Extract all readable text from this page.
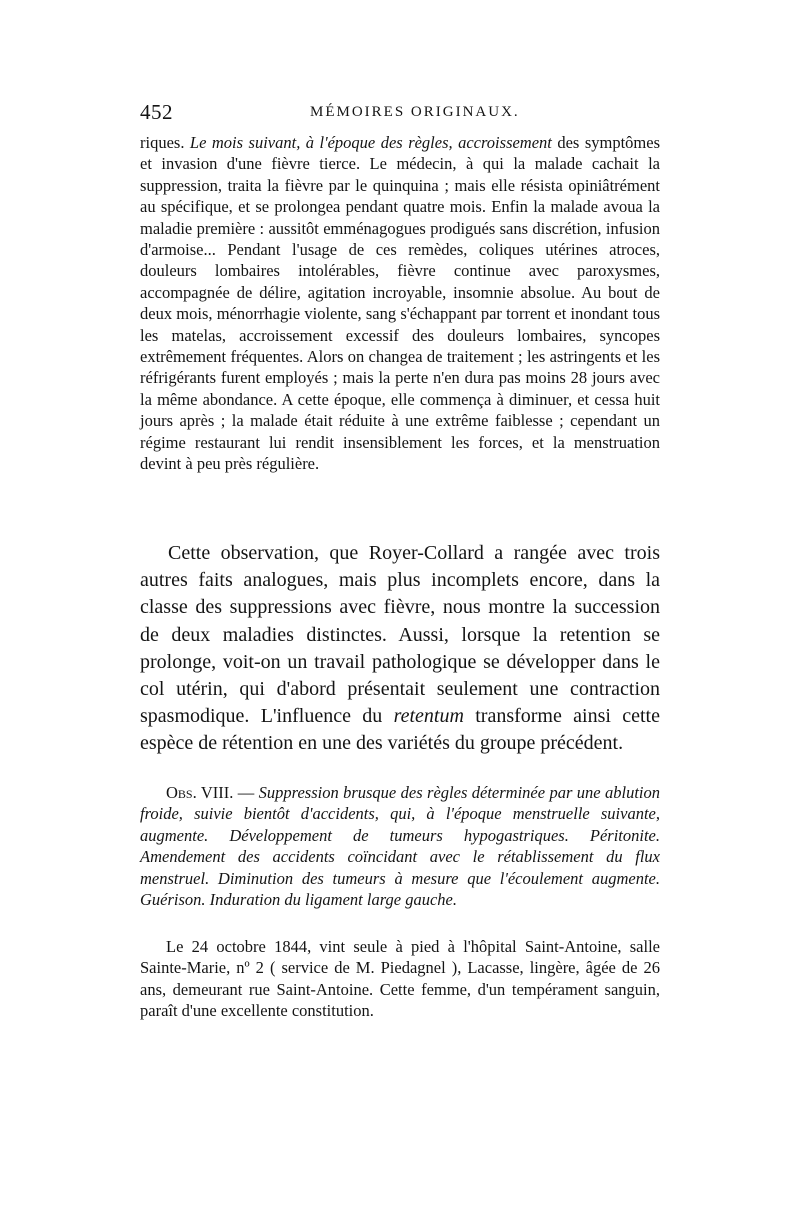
452	MÉMOIRES ORIGINAUX.

riques. Le mois suivant, à l'époque des règles, accroissement des symptômes et invasion d'une fièvre tierce. Le médecin, à qui la malade cachait la suppression, traita la fièvre par le quinquina ; mais elle résista opiniâtrément au spécifique, et se prolongea pendant quatre mois. Enfin la malade avoua la maladie première : aussitôt emménagogues prodigués sans discrétion, infusion d'armoise... Pendant l'usage de ces remèdes, coliques utérines atroces, douleurs lombaires intolérables, fièvre continue avec paroxysmes, accompagnée de délire, agitation incroyable, insomnie absolue. Au bout de deux mois, ménorrhagie violente, sang s'échappant par torrent et inondant tous les matelas, accroissement excessif des douleurs lombaires, syncopes extrêmement fréquentes. Alors on changea de traitement ; les astringents et les réfrigérants furent employés ; mais la perte n'en dura pas moins 28 jours avec la même abondance. A cette époque, elle commença à diminuer, et cessa huit jours après ; la malade était réduite à une extrême faiblesse ; cependant un régime restaurant lui rendit insensiblement les forces, et la menstruation devint à peu près régulière.

Cette observation, que Royer-Collard a rangée avec trois autres faits analogues, mais plus incomplets encore, dans la classe des suppressions avec fièvre, nous montre la succession de deux maladies distinctes. Aussi, lorsque la retention se prolonge, voit-on un travail pathologique se développer dans le col utérin, qui d'abord présentait seulement une contraction spasmodique. L'influence du retentum transforme ainsi cette espèce de rétention en une des variétés du groupe précédent.

Obs. VIII. — Suppression brusque des règles déterminée par une ablution froide, suivie bientôt d'accidents, qui, à l'époque menstruelle suivante, augmente. Développement de tumeurs hypogastriques. Péritonite. Amendement des accidents coïncidant avec le rétablissement du flux menstruel. Diminution des tumeurs à mesure que l'écoulement augmente. Guérison. Induration du ligament large gauche.

Le 24 octobre 1844, vint seule à pied à l'hôpital Saint-Antoine, salle Sainte-Marie, nº 2 ( service de M. Piedagnel ), Lacasse, lingère, âgée de 26 ans, demeurant rue Saint-Antoine. Cette femme, d'un tempérament sanguin, paraît d'une excellente constitution.
